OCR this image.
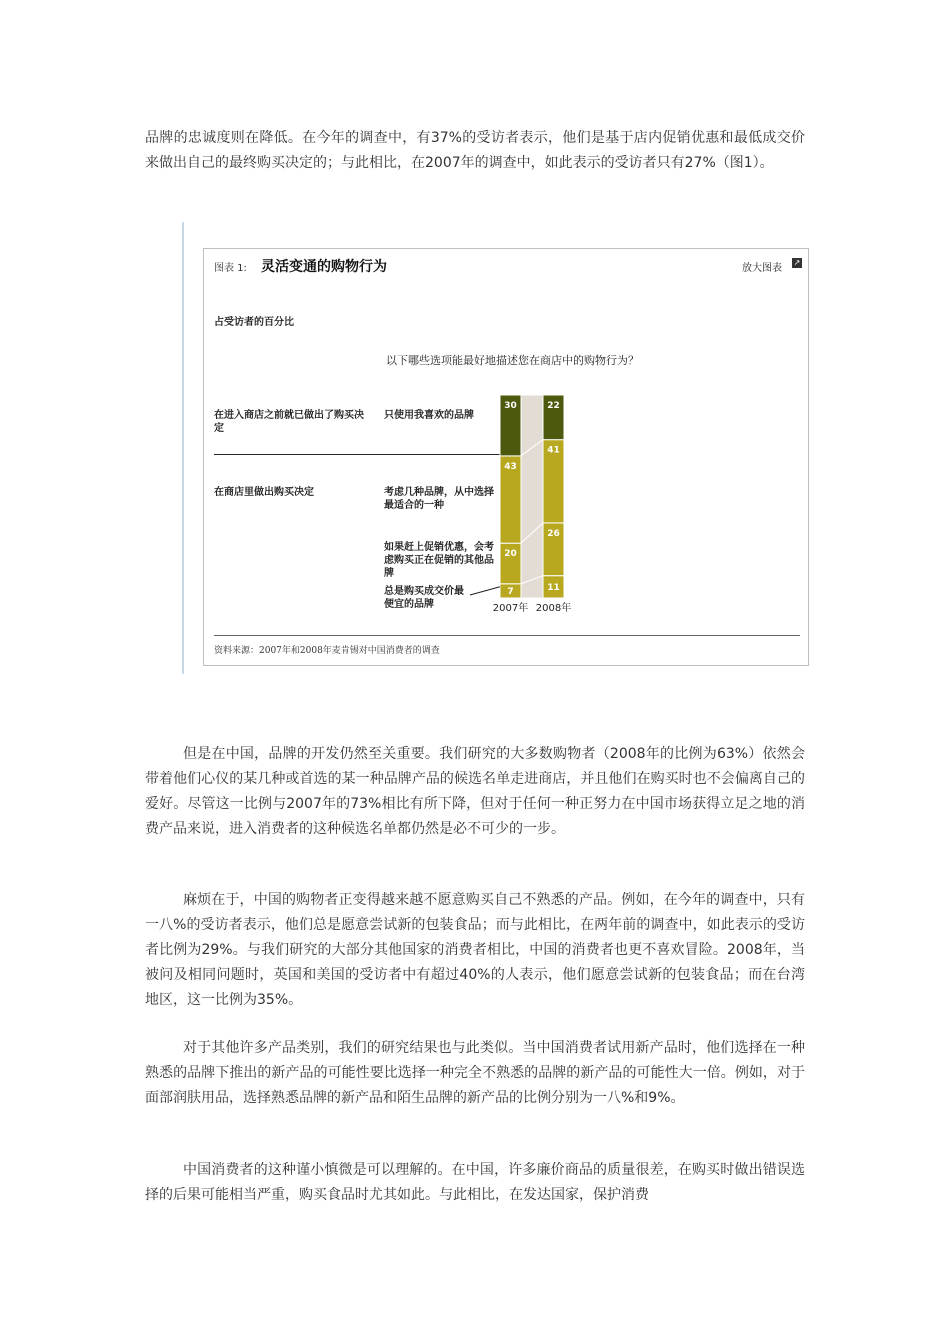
品牌的忠诚度则在降低。在今年的调查中，有37%的受访者表示，他们是基于店内促销优惠和最低成交价来做出自己的最终购买决定的；与此相比，在2007年的调查中，如此表示的受访者只有27%（图1）。

图表 1: 灵活变通的购物行为	放大图表
↗
占受访者的百分比
以下哪些选项能最好地描述您在商店中的购物行为？
在进入商店之前就已做出了购买决定
在商店里做出购买决定
只使用我喜欢的品牌
考虑几种品牌，从中选择最适合的一种
如果赶上促销优惠，会考虑购买正在促销的其他品牌
总是购买成交价最便宜的品牌
7
20
43
30
2007年
11
26
41
22
2008年
资料来源：2007年和2008年麦肯锡对中国消费者的调查

但是在中国，品牌的开发仍然至关重要。我们研究的大多数购物者（2008年的比例为63%）依然会带着他们心仪的某几种或首选的某一种品牌产品的候选名单走进商店，并且他们在购买时也不会偏离自己的爱好。尽管这一比例与2007年的73%相比有所下降，但对于任何一种正努力在中国市场获得立足之地的消费产品来说，进入消费者的这种候选名单都仍然是必不可少的一步。

麻烦在于，中国的购物者正变得越来越不愿意购买自己不熟悉的产品。例如，在今年的调查中，只有一八%的受访者表示，他们总是愿意尝试新的包装食品；而与此相比，在两年前的调查中，如此表示的受访者比例为29%。与我们研究的大部分其他国家的消费者相比，中国的消费者也更不喜欢冒险。2008年，当被问及相同问题时，英国和美国的受访者中有超过40%的人表示，他们愿意尝试新的包装食品；而在台湾地区，这一比例为35%。

对于其他许多产品类别，我们的研究结果也与此类似。当中国消费者试用新产品时，他们选择在一种熟悉的品牌下推出的新产品的可能性要比选择一种完全不熟悉的品牌的新产品的可能性大一倍。例如，对于面部润肤用品，选择熟悉品牌的新产品和陌生品牌的新产品的比例分别为一八%和9%。

中国消费者的这种谨小慎微是可以理解的。在中国，许多廉价商品的质量很差，在购买时做出错误选择的后果可能相当严重，购买食品时尤其如此。与此相比，在发达国家，保护消费
